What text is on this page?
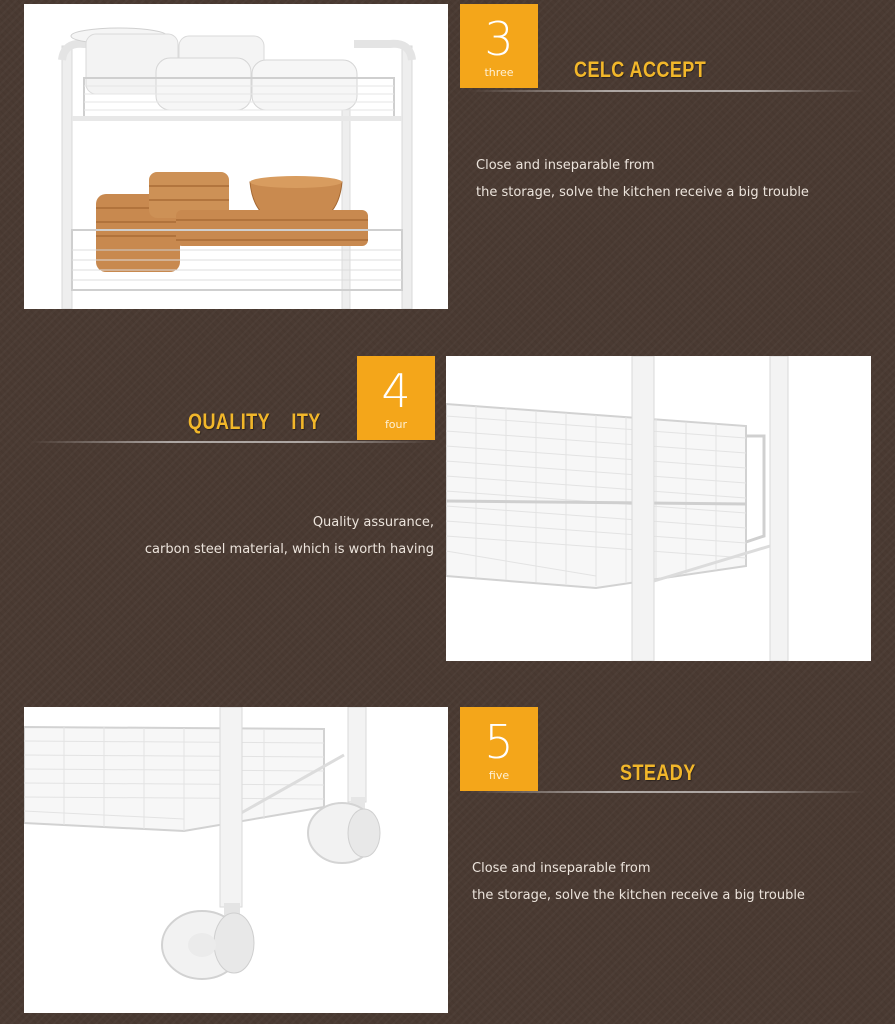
3
three	CELC ACCEPT
Close and inseparable from
the storage, solve the kitchen receive a big trouble
4
four
QUALITY    ITY
Quality assurance,
carbon steel material, which is worth having
5
five	STEADY
Close and inseparable from
the storage, solve the kitchen receive a big trouble
